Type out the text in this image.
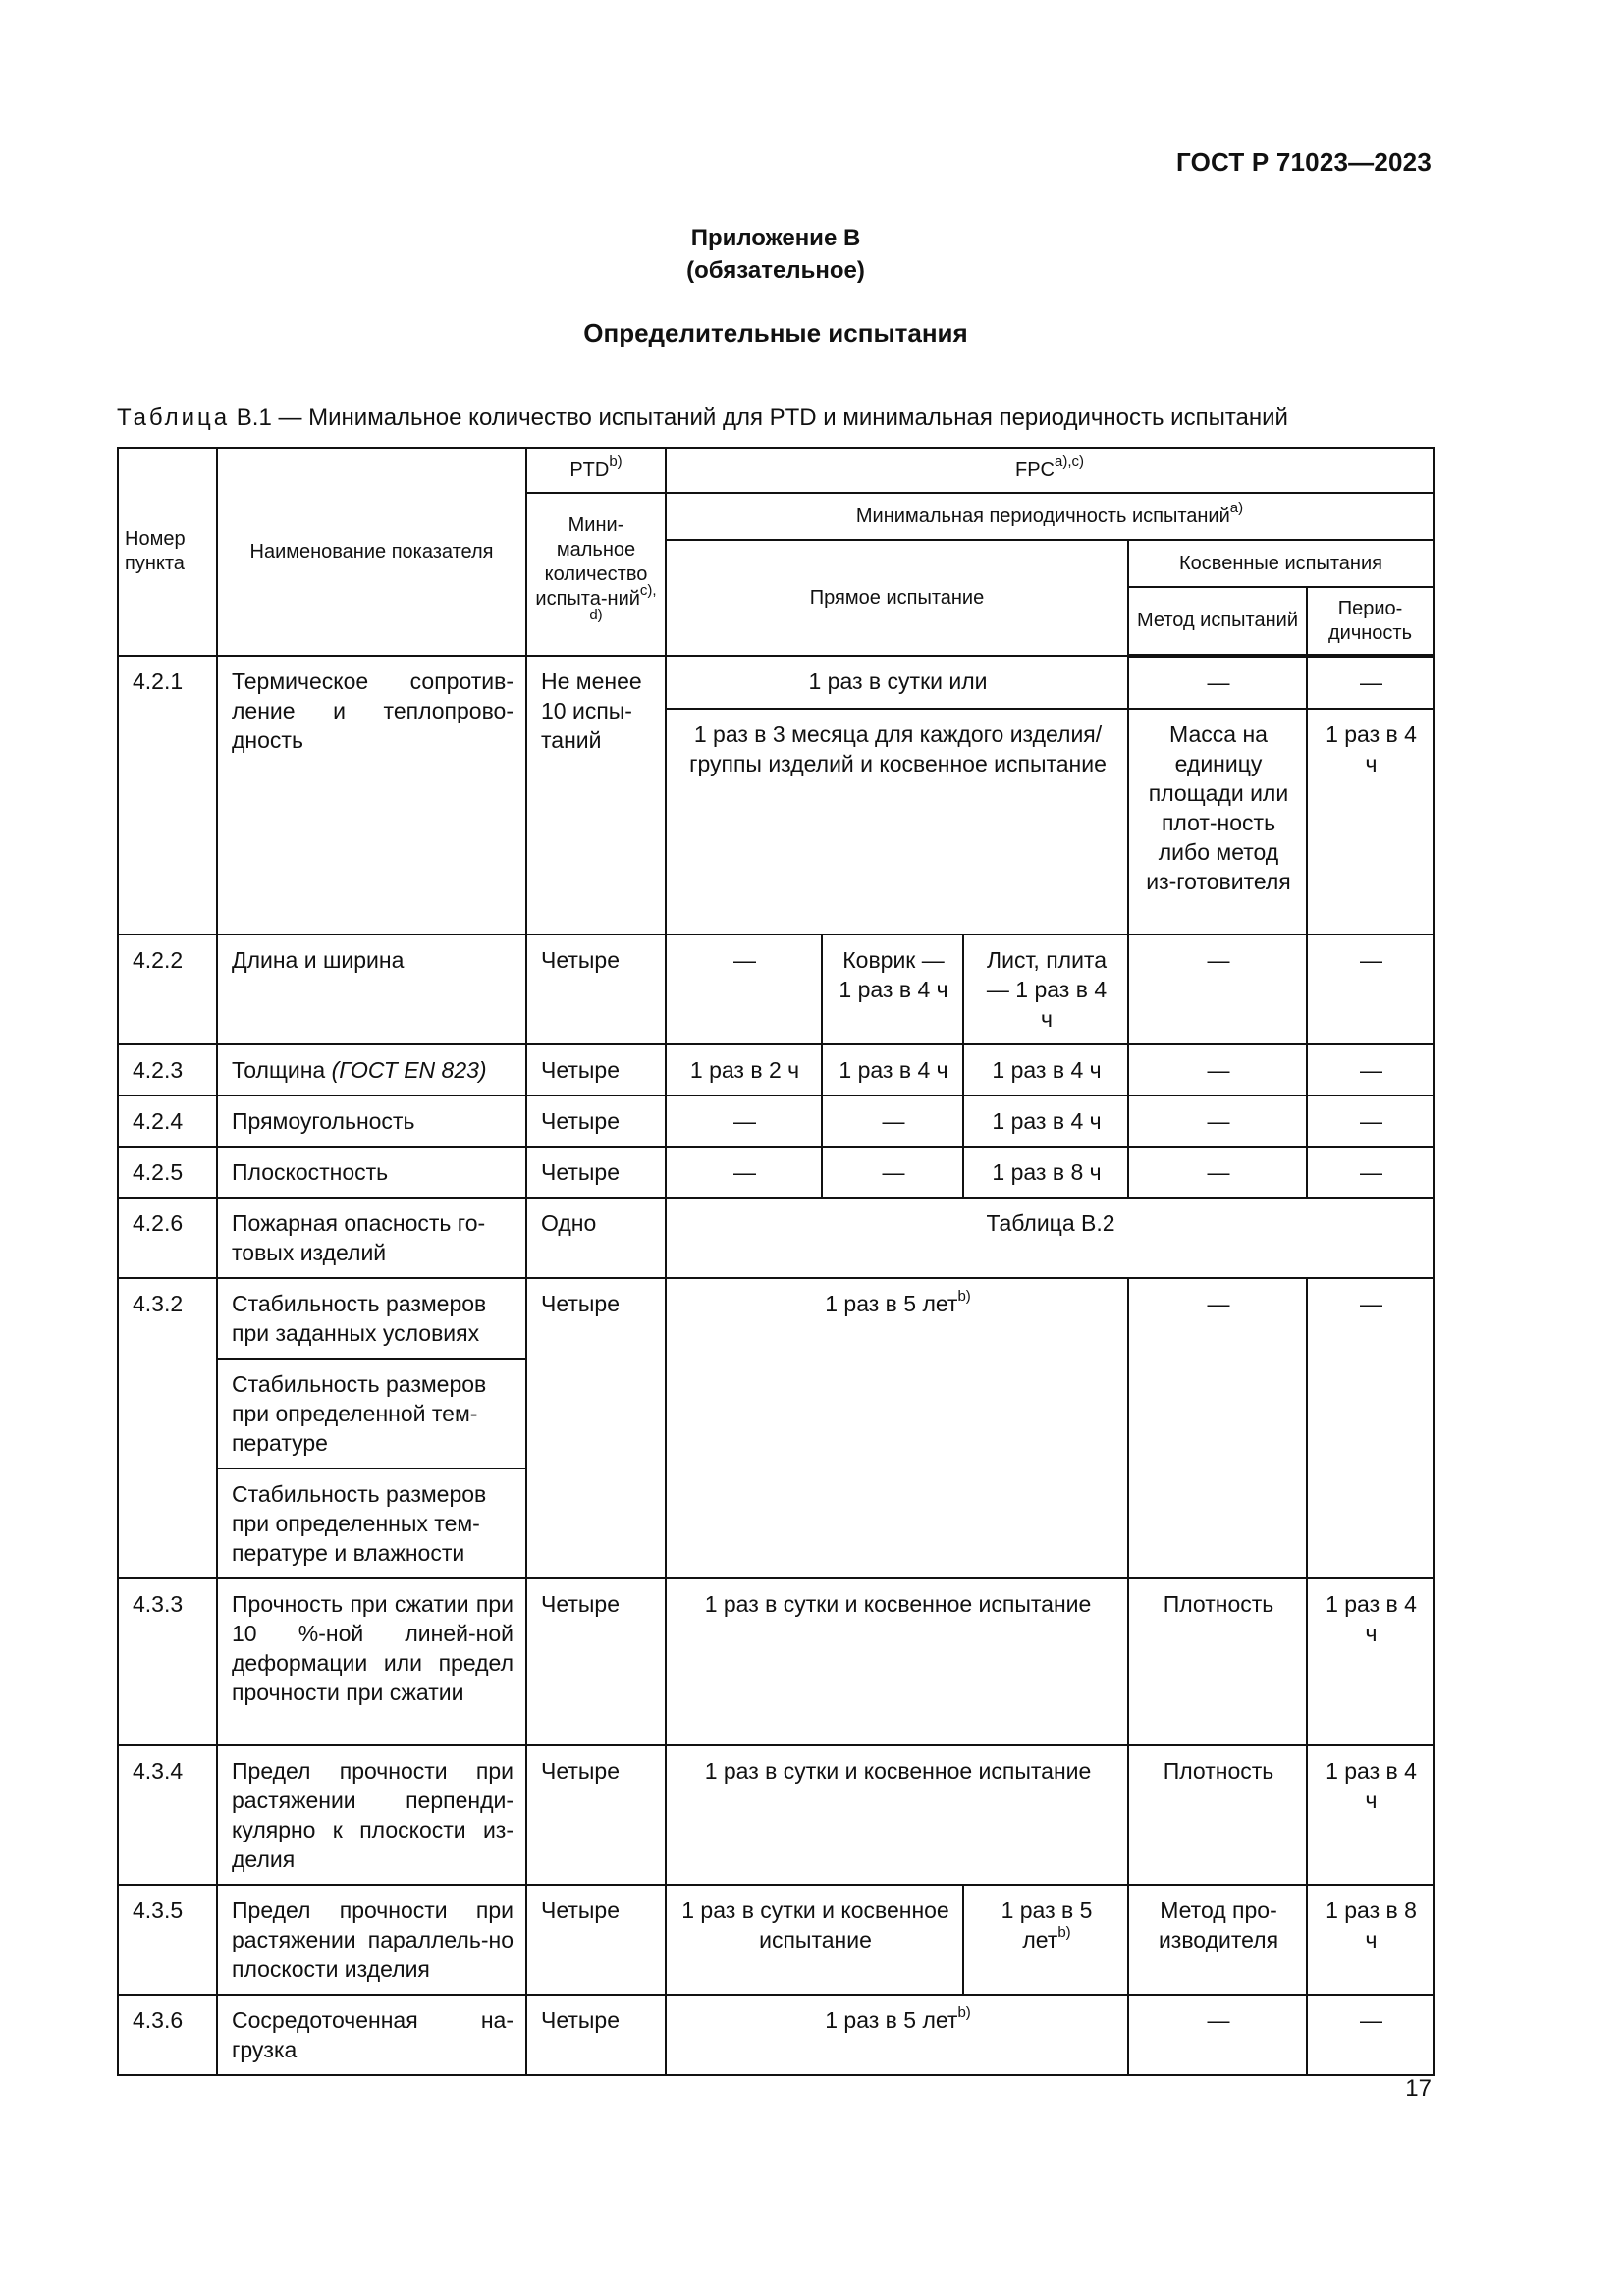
ГОСТ Р 71023—2023
Приложение В
(обязательное)
Определительные испытания
Таблица В.1 — Минимальное количество испытаний для PTD и минимальная периодичность испытаний
Номер пункта	Наименование показателя	PTD$^{b)}$	$FPC^{a),c)}$
		Мини-мальное количество испыта-ний$^{c), d)}$	Минимальная периодичность испытаний$^{a)}$
			Прямое испытание			Косвенные испытания	
						Метод испытаний	Перио-дичность
4.2.1	Термическое сопротив-ление и теплопрово-дность	Не менее 10 испы-таний	1 раз в сутки или			—	—
			1 раз в 3 месяца для каждого изделия/группы изделий и косвенное испытание			Масса на единицу площади или плот-ность либо метод из-готовителя	1 раз в 4 ч
4.2.2	Длина и ширина	Четыре	—	Коврик — 1 раз в 4 ч	Лист, плита — 1 раз в 4 ч	—	—
4.2.3	Толщина (ГОСТ EN 823)	Четыре	1 раз в 2 ч	1 раз в 4 ч	1 раз в 4 ч	—	—
4.2.4	Прямоугольность	Четыре	—	—	1 раз в 4 ч	—	—
4.2.5	Плоскостность	Четыре	—	—	1 раз в 8 ч	—	—
4.2.6	Пожарная опасность го-товых изделий	Одно	Таблица В.2				
4.3.2	Стабильность размеров при заданных условиях	Четыре	1 раз в 5 лет$^{b)}$			—	—
	Стабильность размеров при определенной тем-пературе						
	Стабильность размеров при определенных тем-пературе и влажности						
4.3.3	Прочность при сжатии при 10 %-ной линей-ной деформации или предел прочности при сжатии	Четыре	1 раз в сутки и косвенное испытание			Плотность	1 раз в 4 ч
4.3.4	Предел прочности при растяжении перпенди-кулярно к плоскости из-делия	Четыре	1 раз в сутки и косвенное испытание			Плотность	1 раз в 4 ч
4.3.5	Предел прочности при растяжении параллель-но плоскости изделия	Четыре	1 раз в сутки и косвенное испытание		1 раз в 5 лет$^{b)}$	Метод про-изводителя	1 раз в 8 ч
4.3.6	Сосредоточенная на-грузка	Четыре	1 раз в 5 лет$^{b)}$			—	—
17
